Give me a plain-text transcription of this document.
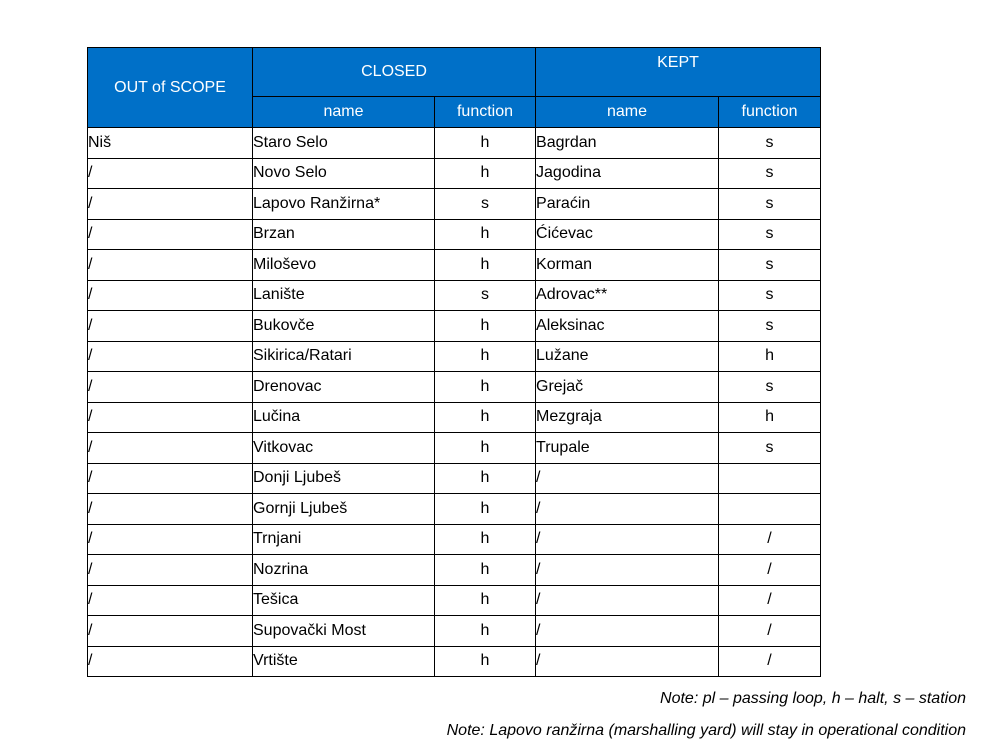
OUT of SCOPE	CLOSED		KEPT	
	name	function	name	function
Niš	Staro Selo	h	Bagrdan	s
/	Novo Selo	h	Jagodina	s
/	Lapovo Ranžirna*	s	Paraćin	s
/	Brzan	h	Ćićevac	s
/	Miloševo	h	Korman	s
/	Lanište	s	Adrovac**	s
/	Bukovče	h	Aleksinac	s
/	Sikirica/Ratari	h	Lužane	h
/	Drenovac	h	Grejač	s
/	Lučina	h	Mezgraja	h
/	Vitkovac	h	Trupale	s
/	Donji Ljubeš	h	/	
/	Gornji Ljubeš	h	/	
/	Trnjani	h	/	/
/	Nozrina	h	/	/
/	Tešica	h	/	/
/	Supovački Most	h	/	/
/	Vrtište	h	/	/
Note: pl – passing loop, h – halt, s – station
Note: Lapovo ranžirna (marshalling yard) will stay in operational condition
